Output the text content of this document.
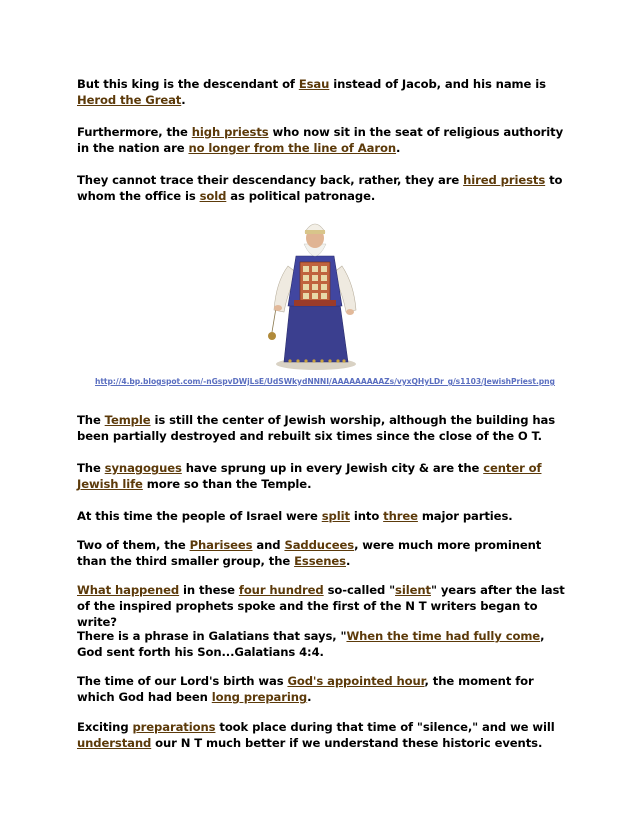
But this king is the descendant of Esau instead of Jacob, and his name is Herod the Great.

Furthermore, the high priests who now sit in the seat of religious authority in the nation are no longer from the line of Aaron.

They cannot trace their descendancy back, rather, they are hired priests to whom the office is sold as political patronage.

http://4.bp.blogspot.com/-nGspvDWjLsE/UdSWkydNNNI/AAAAAAAAAZs/vyxQHyLDr_g/s1103/JewishPriest.png

The Temple is still the center of Jewish worship, although the building has been partially destroyed and rebuilt six times since the close of the O T.

The synagogues have sprung up in every Jewish city & are the center of Jewish life more so than the Temple.

At this time the people of Israel were split into three major parties.

Two of them, the Pharisees and Sadducees, were much more prominent than the third smaller group, the Essenes.

What happened in these four hundred so-called "silent" years after the last of the inspired prophets spoke and the first of the N T writers began to write?

There is a phrase in Galatians that says, "When the time had fully come, God sent forth his Son...Galatians 4:4.

The time of our Lord's birth was God's appointed hour, the moment for which God had been long preparing.

Exciting preparations took place during that time of "silence," and we will understand our N T much better if we understand these historic events.
